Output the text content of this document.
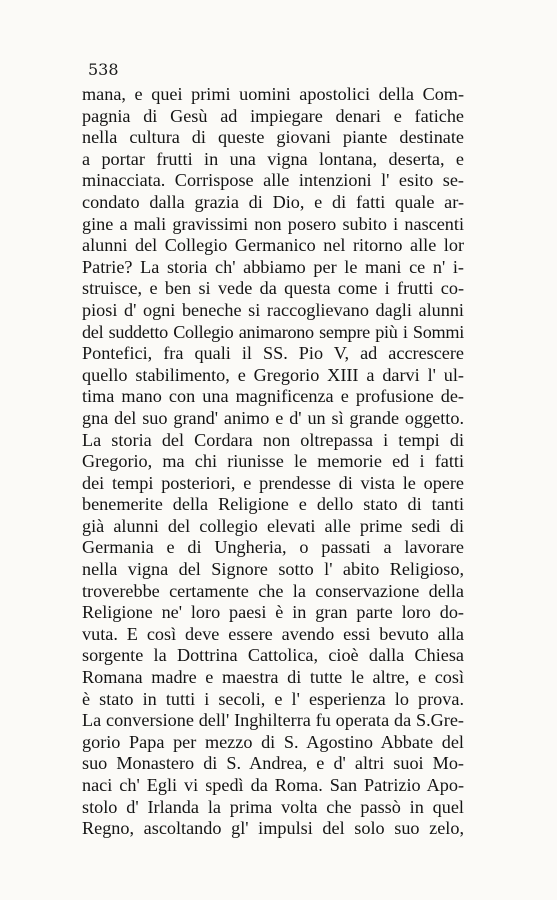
538
mana, e quei primi uomini apostolici della Com-
pagnia di Gesù ad impiegare denari e fatiche
nella cultura di queste giovani piante destinate
a portar frutti in una vigna lontana, deserta, e
minacciata. Corrispose alle intenzioni l' esito se-
condato dalla grazia di Dio, e di fatti quale ar-
gine a mali gravissimi non posero subito i nascenti
alunni del Collegio Germanico nel ritorno alle lor
Patrie? La storia ch' abbiamo per le mani ce n' i-
struisce, e ben si vede da questa come i frutti co-
piosi d' ogni beneche si raccoglievano dagli alunni
del suddetto Collegio animarono sempre più i Sommi
Pontefici, fra quali il SS. Pio V, ad accrescere
quello stabilimento, e Gregorio XIII a darvi l' ul-
tima mano con una magnificenza e profusione de-
gna del suo grand' animo e d' un sì grande oggetto.
La storia del Cordara non oltrepassa i tempi di
Gregorio, ma chi riunisse le memorie ed i fatti
dei tempi posteriori, e prendesse di vista le opere
benemerite della Religione e dello stato di tanti
già alunni del collegio elevati alle prime sedi di
Germania e di Ungheria, o passati a lavorare
nella vigna del Signore sotto l' abito Religioso,
troverebbe certamente che la conservazione della
Religione ne' loro paesi è in gran parte loro do-
vuta. E così deve essere avendo essi bevuto alla
sorgente la Dottrina Cattolica, cioè dalla Chiesa
Romana madre e maestra di tutte le altre, e così
è stato in tutti i secoli, e l' esperienza lo prova.
La conversione dell' Inghilterra fu operata da S.Gre-
gorio Papa per mezzo di S. Agostino Abbate del
suo Monastero di S. Andrea, e d' altri suoi Mo-
naci ch' Egli vi spedì da Roma. San Patrizio Apo-
stolo d' Irlanda la prima volta che passò in quel
Regno, ascoltando gl' impulsi del solo suo zelo,
